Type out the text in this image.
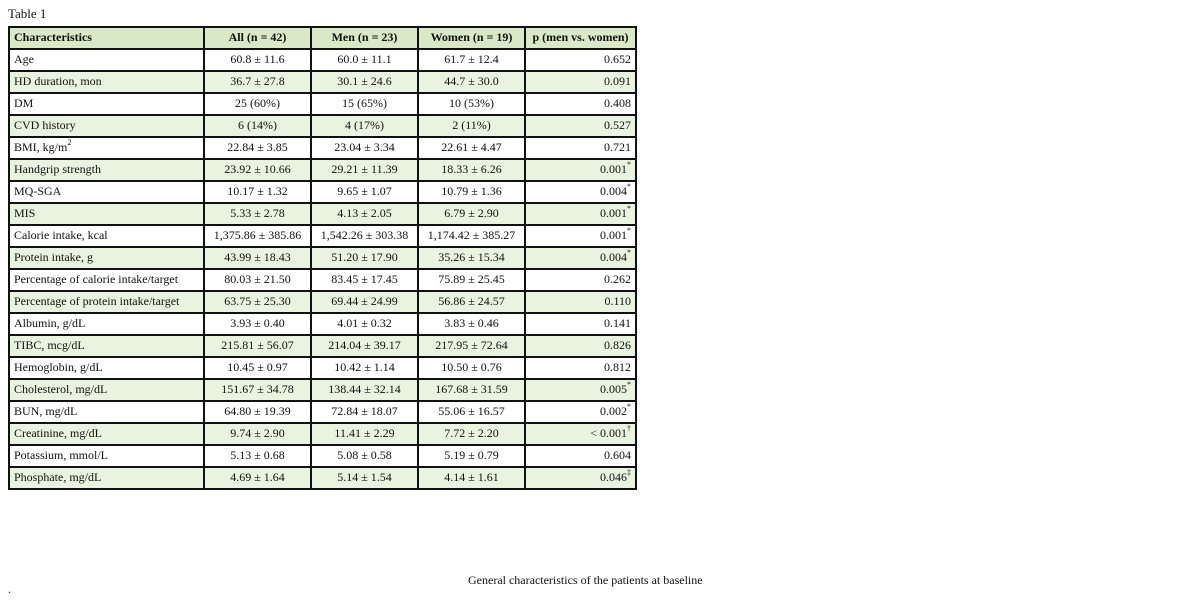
Table 1
Characteristics	All (n = 42)	Men (n = 23)	Women (n = 19)	p (men vs. women)
Age	60.8 ± 11.6	60.0 ± 11.1	61.7 ± 12.4	0.652
HD duration, mon	36.7 ± 27.8	30.1 ± 24.6	44.7 ± 30.0	0.091
DM	25 (60%)	15 (65%)	10 (53%)	0.408
CVD history	6 (14%)	4 (17%)	2 (11%)	0.527
BMI, $kg/m^2$	22.84 ± 3.85	23.04 ± 3.34	22.61 ± 4.47	0.721
Handgrip strength	23.92 ± 10.66	29.21 ± 11.39	18.33 ± 6.26	0.001*
MQ-SGA	10.17 ± 1.32	9.65 ± 1.07	10.79 ± 1.36	0.004*
MIS	5.33 ± 2.78	4.13 ± 2.05	6.79 ± 2.90	0.001*
Calorie intake, kcal	1,375.86 ± 385.86	1,542.26 ± 303.38	1,174.42 ± 385.27	0.001*
Protein intake, g	43.99 ± 18.43	51.20 ± 17.90	35.26 ± 15.34	0.004*
Percentage of calorie intake/target	80.03 ± 21.50	83.45 ± 17.45	75.89 ± 25.45	0.262
Percentage of protein intake/target	63.75 ± 25.30	69.44 ± 24.99	56.86 ± 24.57	0.110
Albumin, g/dL	3.93 ± 0.40	4.01 ± 0.32	3.83 ± 0.46	0.141
TIBC, mcg/dL	215.81 ± 56.07	214.04 ± 39.17	217.95 ± 72.64	0.826
Hemoglobin, g/dL	10.45 ± 0.97	10.42 ± 1.14	10.50 ± 0.76	0.812
Cholesterol, mg/dL	151.67 ± 34.78	138.44 ± 32.14	167.68 ± 31.59	0.005*
BUN, mg/dL	64.80 ± 19.39	72.84 ± 18.07	55.06 ± 16.57	0.002*
Creatinine, mg/dL	9.74 ± 2.90	11.41 ± 2.29	7.72 ± 2.20	< 0.001†
Potassium, mmol/L	5.13 ± 0.68	5.08 ± 0.58	5.19 ± 0.79	0.604
Phosphate, mg/dL	4.69 ± 1.64	5.14 ± 1.54	4.14 ± 1.61	0.046‡
General characteristics of the patients at baseline
.
